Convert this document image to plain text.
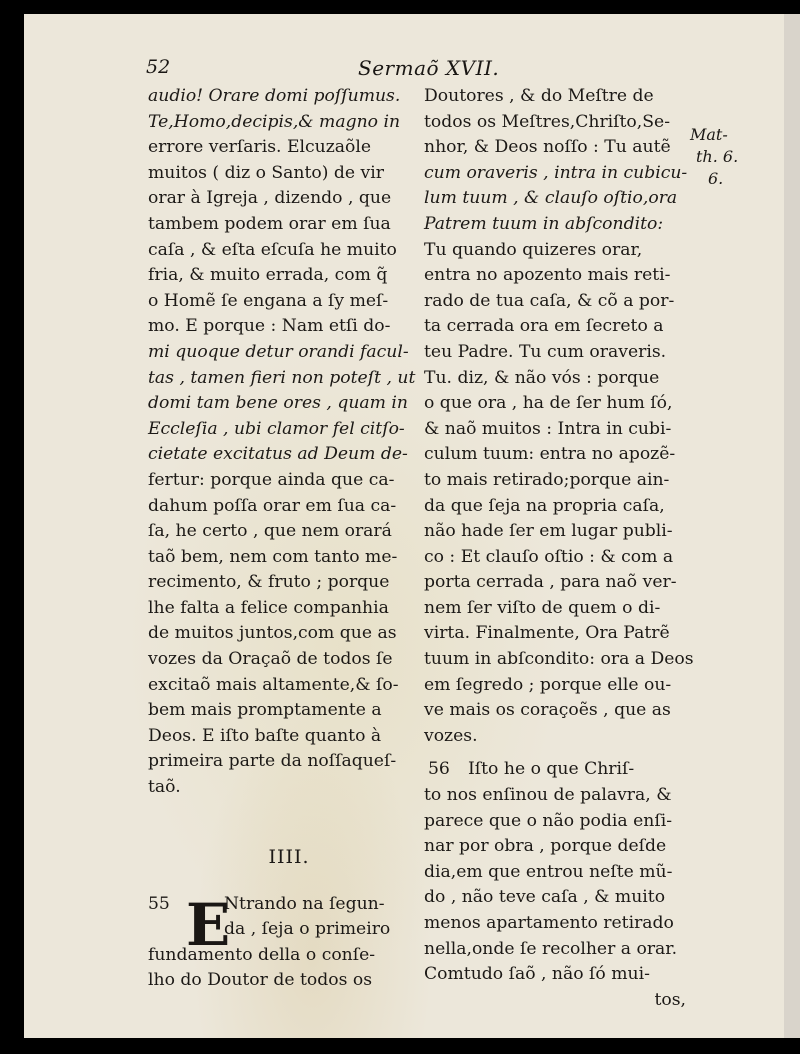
52	Sermaõ XVII.
audio! Orare domi poſſumus.
Te,Homo,decipis,& magno in
errore verſaris. Elcuzaõle
muitos ( diz o Santo) de vir
orar à Igreja , dizendo , que
tambem podem orar em ſua
caſa , & eſta eſcuſa he muito
fria, & muito errada, com q̃
o Homẽ ſe engana a ſy meſ-
mo. E porque : Nam etſi do-
mi quoque detur orandi facul-
tas , tamen fieri non poteſt , ut
domi tam bene ores , quam in
Eccleſia , ubi clamor fel citſo-
cietate excitatus ad Deum de-
fertur: porque ainda que ca-
dahum poſſa orar em ſua ca-
ſa, he certo , que nem orará
taõ bem, nem com tanto me-
recimento, & fruto ; porque
lhe falta a felice companhia
de muitos juntos,com que as
vozes da Oraçaõ de todos ſe
excitaõ mais altamente,& ſo-
bem mais promptamente a
Deos. E iſto baſte quanto à
primeira parte da noſſaqueſ-
taõ.
IIII.
E
55	Ntrando na ſegun-
da , ſeja o primeiro
fundamento della o conſe-
lho do Doutor de todos os
Doutores , & do Meſtre de
todos os Meſtres,Chriſto,Se-
nhor, & Deos noſſo : Tu autẽ
cum oraveris , intra in cubicu-
lum tuum , & clauſo oſtio,ora
Patrem tuum in abſcondito:
Tu quando quizeres orar,
entra no apozento mais reti-
rado de tua caſa, & cõ a por-
ta cerrada ora em ſecreto a
teu Padre. Tu cum oraveris.
Tu. diz, & não vós : porque
o que ora , ha de ſer hum ſó,
& naõ muitos : Intra in cubi-
culum tuum: entra no apozẽ-
to mais retirado;porque ain-
da que ſeja na propria caſa,
não hade ſer em lugar publi-
co : Et clauſo oſtio : & com a
porta cerrada , para naõ ver-
nem ſer viſto de quem o di-
virta. Finalmente, Ora Patrẽ
tuum in abſcondito: ora a Deos
em ſegredo ; porque elle ou-
ve mais os coraçoẽs , que as
vozes.
56 Iſto he o que Chriſ-
to nos enſinou de palavra, &
parece que o não podia enſi-
nar por obra , porque deſde
dia,em que entrou neſte mũ-
do , não teve caſa , & muito
menos apartamento retirado
nella,onde ſe recolher a orar.
Comtudo ſaõ , não ſó mui-
tos,
Mat-
th. 6.
6.
